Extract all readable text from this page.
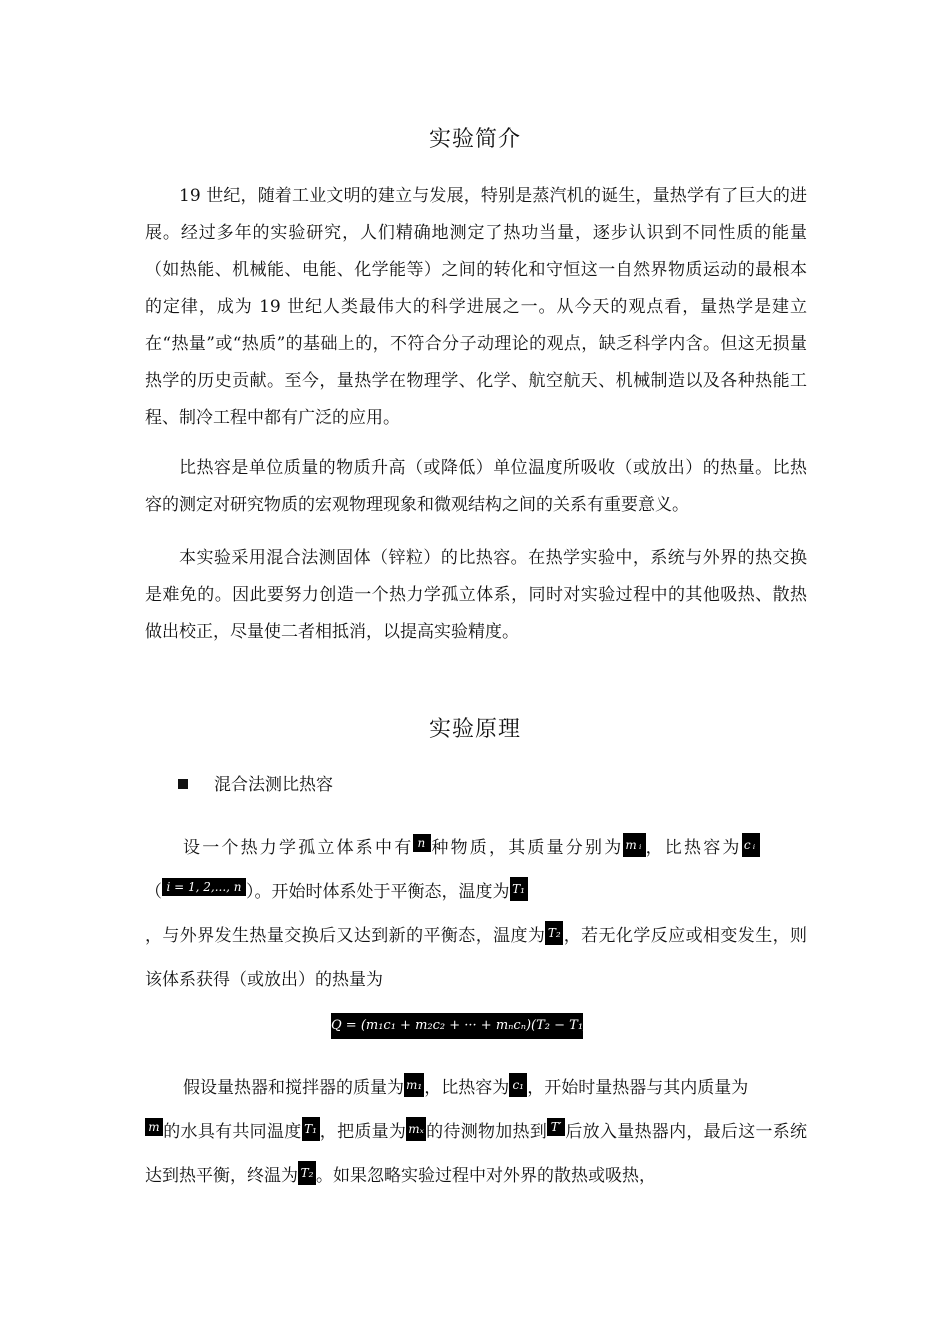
实验简介

19 世纪，随着工业文明的建立与发展，特别是蒸汽机的诞生，量热学有了巨大的进展。经过多年的实验研究，人们精确地测定了热功当量，逐步认识到不同性质的能量（如热能、机械能、电能、化学能等）之间的转化和守恒这一自然界物质运动的最根本的定律，成为 19 世纪人类最伟大的科学进展之一。从今天的观点看，量热学是建立在“热量”或“热质”的基础上的，不符合分子动理论的观点，缺乏科学内含。但这无损量热学的历史贡献。至今，量热学在物理学、化学、航空航天、机械制造以及各种热能工程、制冷工程中都有广泛的应用。

比热容是单位质量的物质升高（或降低）单位温度所吸收（或放出）的热量。比热容的测定对研究物质的宏观物理现象和微观结构之间的关系有重要意义。

本实验采用混合法测固体（锌粒）的比热容。在热学实验中，系统与外界的热交换是难免的。因此要努力创造一个热力学孤立体系，同时对实验过程中的其他吸热、散热做出校正，尽量使二者相抵消，以提高实验精度。

实验原理
混合法测比热容
设一个热力学孤立体系中有 n 种物质，其质量分别为 mᵢ ，比热容为 cᵢ
（ i = 1, 2,..., n ）。开始时体系处于平衡态，温度为 T₁
，与外界发生热量交换后又达到新的平衡态，温度为 T₂ ，若无化学反应或相变发生，则该体系获得（或放出）的热量为
Q = (m₁c₁ + m₂c₂ + ··· + mₙcₙ)(T₂ − T₁)
假设量热器和搅拌器的质量为 m₁ ，比热容为 c₁ ，开始时量热器与其内质量为
m 的水具有共同温度 T₁ ，把质量为 mₓ 的待测物加热到 T′ 后放入量热器内，最后这一系统达到热平衡，终温为 T₂ 。如果忽略实验过程中对外界的散热或吸热，
